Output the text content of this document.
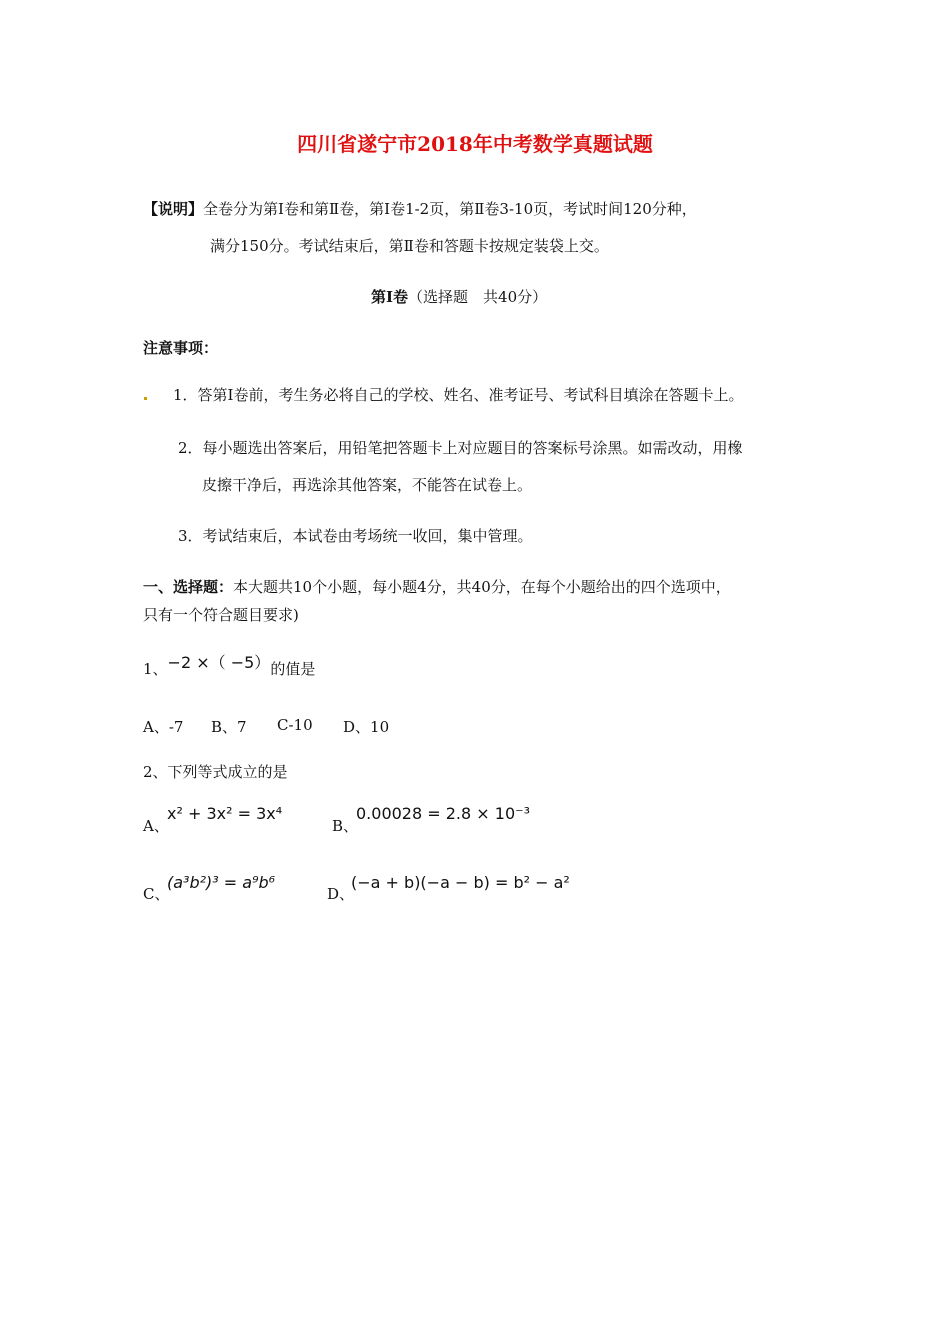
四川省遂宁市2018年中考数学真题试题
【说明】全卷分为第Ⅰ卷和第Ⅱ卷，第Ⅰ卷1-2页，第Ⅱ卷3-10页，考试时间120分种，
满分150分。考试结束后，第Ⅱ卷和答题卡按规定装袋上交。
第Ⅰ卷（选择题　共40分）
注意事项：
1．答第Ⅰ卷前，考生务必将自己的学校、姓名、准考证号、考试科目填涂在答题卡上。
2．每小题选出答案后，用铅笔把答题卡上对应题目的答案标号涂黑。如需改动，用橡
皮擦干净后，再选涂其他答案，不能答在试卷上。
3．考试结束后，本试卷由考场统一收回，集中管理。
一、选择题：本大题共10个小题，每小题4分，共40分，在每个小题给出的四个选项中，
只有一个符合题目要求)
1、−2 ×（ −5）的值是
A、-7 B、7 C-10 D、10
2、下列等式成立的是
A、
x² + 3x² = 3x⁴
B、
0.00028 = 2.8 × 10⁻³
C、
(a³b²)³ = a⁹b⁶
D、
(−a + b)(−a − b) = b² − a²
